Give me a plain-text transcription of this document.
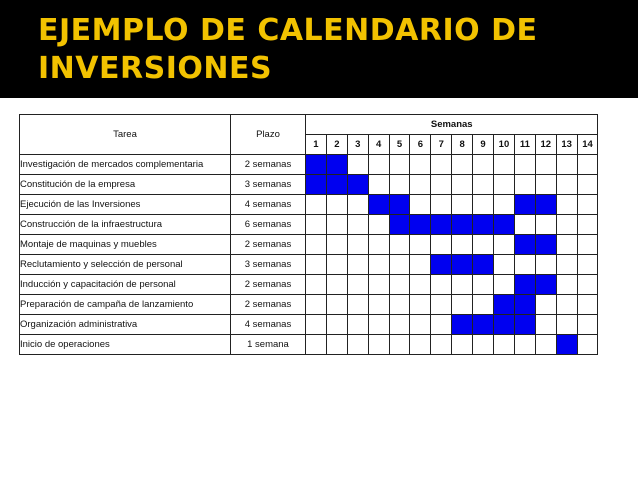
EJEMPLO DE CALENDARIO DE INVERSIONES
Tarea	Plazo	Semanas													
		1	2	3	4	5	6	7	8	9	10	11	12	13	14
Investigación de mercados complementaria	2 semanas														
Constitución de la empresa	3 semanas														
Ejecución de las Inversiones	4 semanas														
Construcción de la infraestructura	6 semanas														
Montaje de maquinas y muebles	2 semanas														
Reclutamiento y selección de personal	3 semanas														
Inducción y capacitación de personal	2 semanas														
Preparación de campaña de lanzamiento	2 semanas														
Organización administrativa	4 semanas														
Inicio de operaciones	1 semana														
